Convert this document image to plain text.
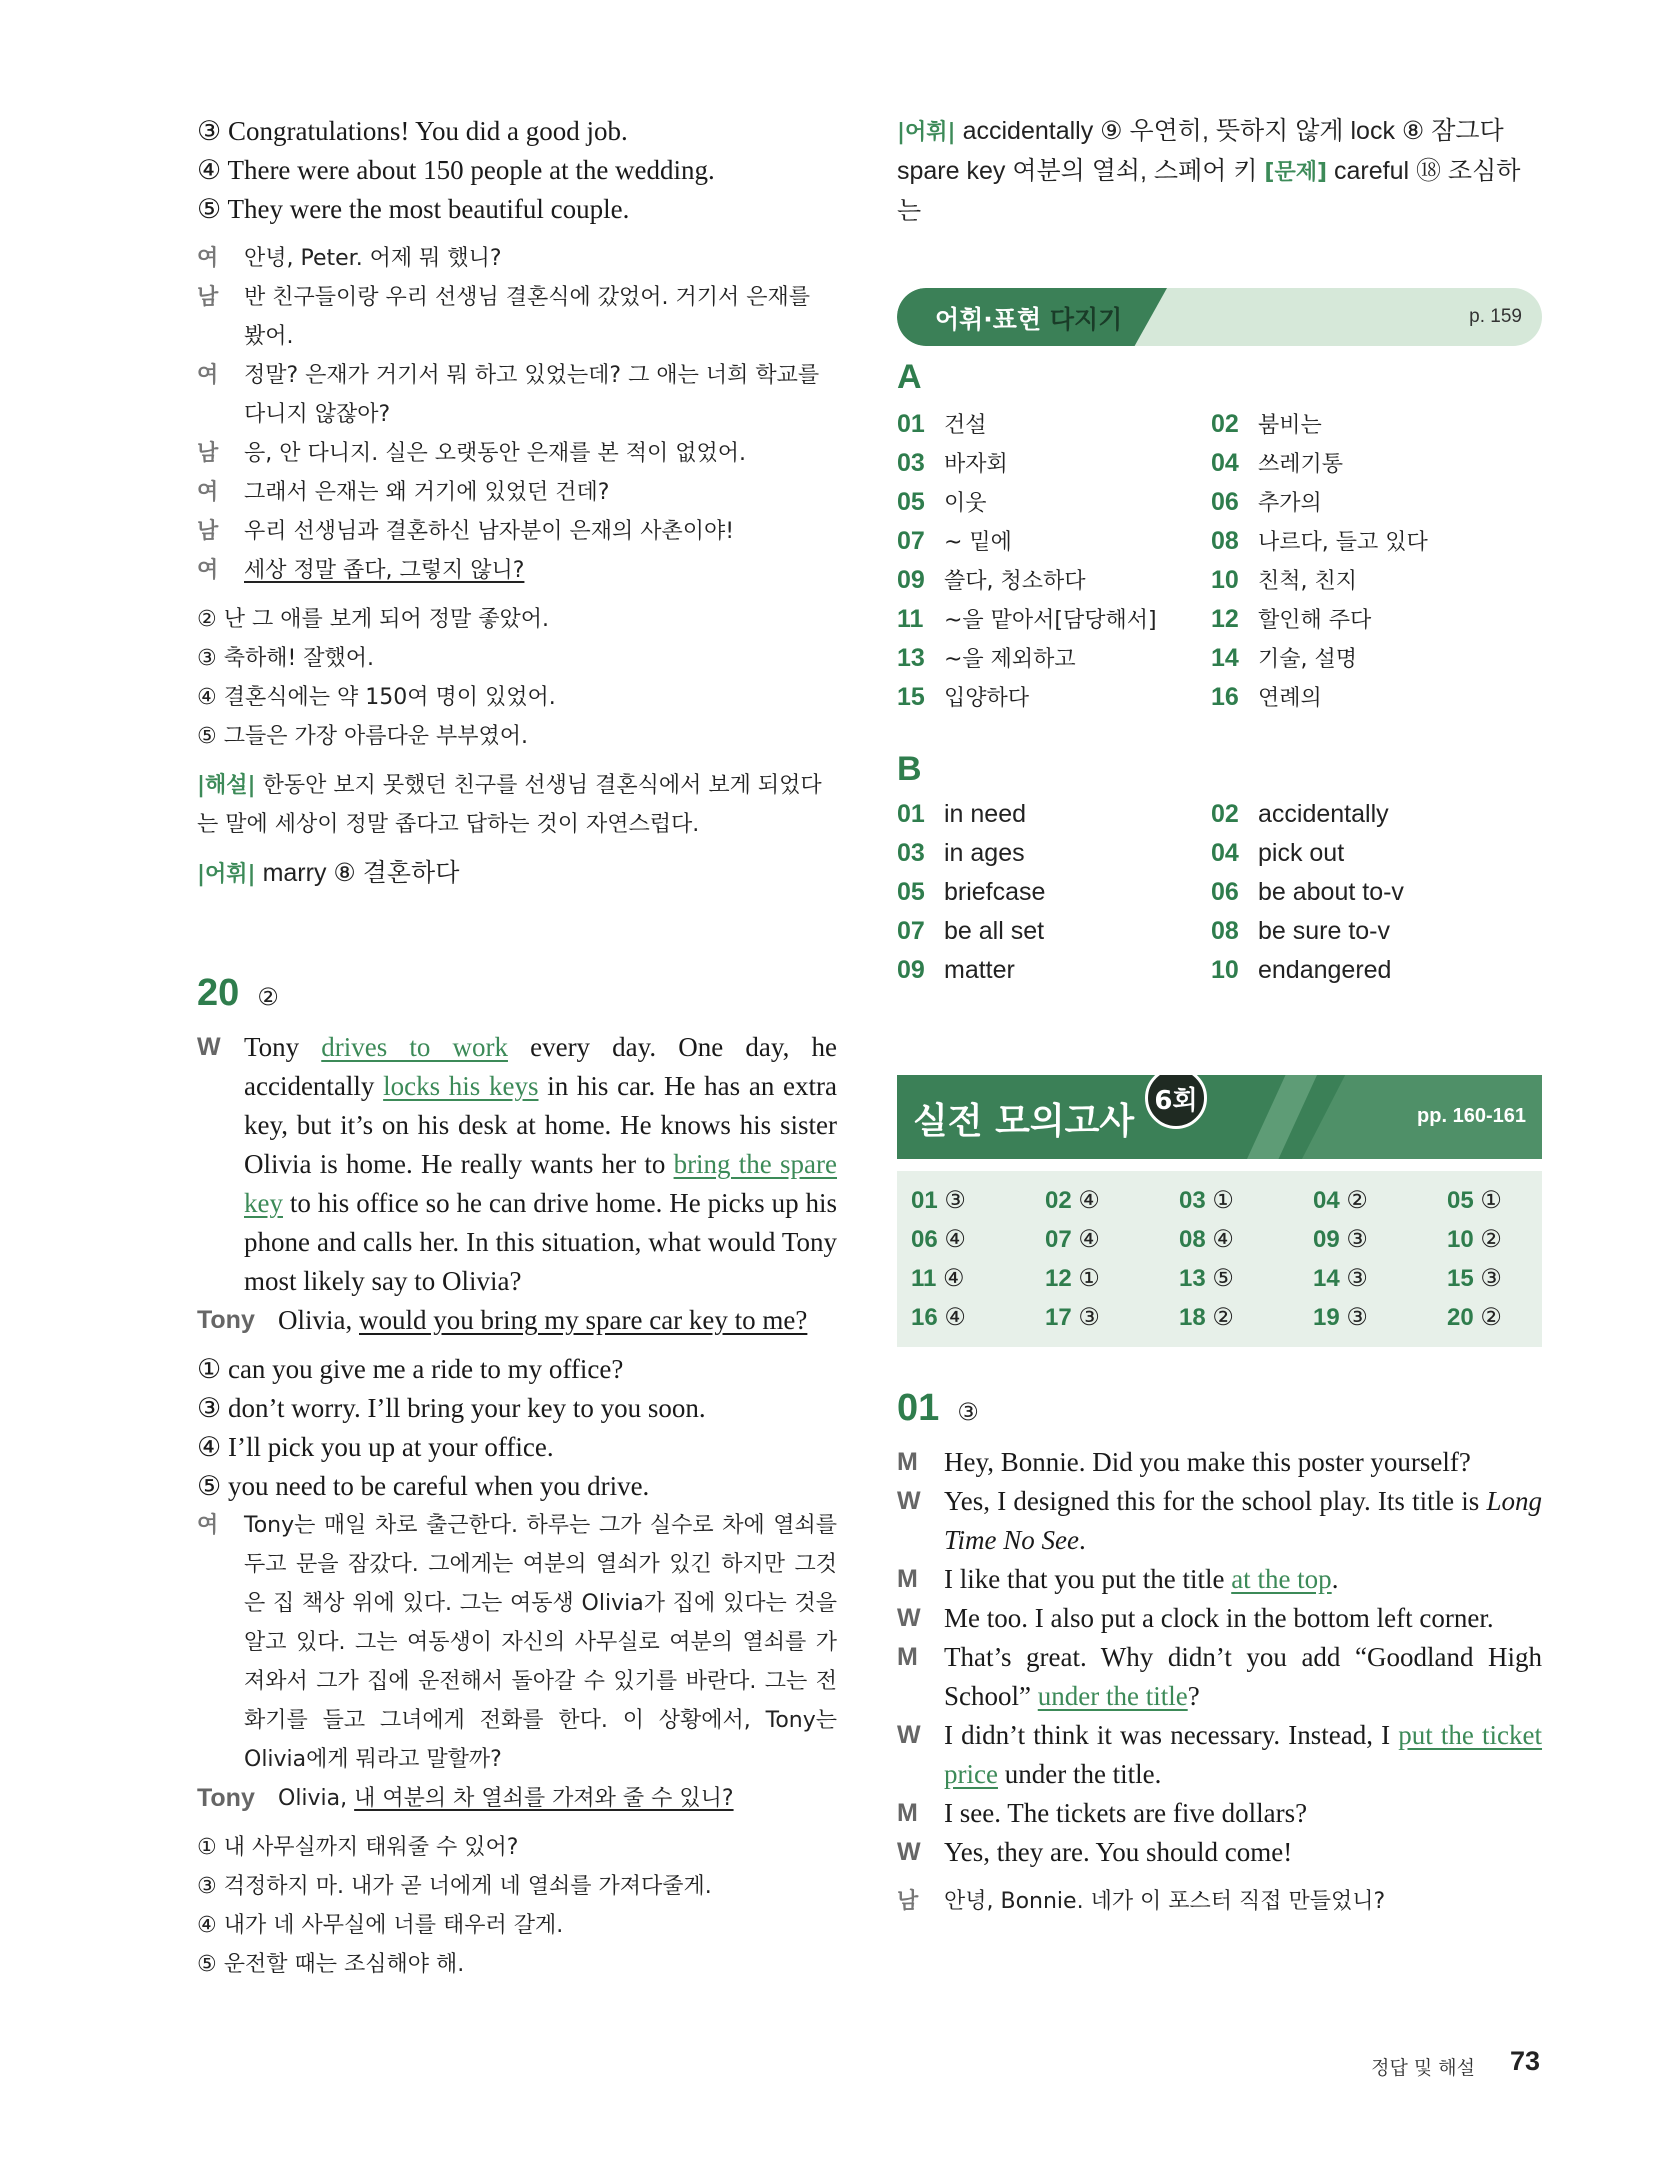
③ Congratulations! You did a good job.
④ There were about 150 people at the wedding.
⑤ They were the most beautiful couple.
여	안녕, Peter. 어제 뭐 했니?
남	반 친구들이랑 우리 선생님 결혼식에 갔었어. 거기서 은재를 봤어.
여	정말? 은재가 거기서 뭐 하고 있었는데? 그 애는 너희 학교를 다니지 않잖아?
남	응, 안 다니지. 실은 오랫동안 은재를 본 적이 없었어.
여	그래서 은재는 왜 거기에 있었던 건데?
남	우리 선생님과 결혼하신 남자분이 은재의 사촌이야!
여	세상 정말 좁다, 그렇지 않니?
② 난 그 애를 보게 되어 정말 좋았어.
③ 축하해! 잘했어.
④ 결혼식에는 약 150여 명이 있었어.
⑤ 그들은 가장 아름다운 부부였어.
|해설| 한동안 보지 못했던 친구를 선생님 결혼식에서 보게 되었다는 말에 세상이 정말 좁다고 답하는 것이 자연스럽다.
|어휘| marry ⑧ 결혼하다
20 ②
W Tony drives to work every day. One day, he accidentally locks his keys in his car. He has an extra key, but it’s on his desk at home. He knows his sister Olivia is home. He really wants her to bring the spare key to his office so he can drive home. He picks up his phone and calls her. In this situation, what would Tony most likely say to Olivia?
Tony Olivia, would you bring my spare car key to me?
① can you give me a ride to my office?
③ don’t worry. I’ll bring your key to you soon.
④ I’ll pick you up at your office.
⑤ you need to be careful when you drive.
여	Tony는 매일 차로 출근한다. 하루는 그가 실수로 차에 열쇠를 두고 문을 잠갔다. 그에게는 여분의 열쇠가 있긴 하지만 그것은 집 책상 위에 있다. 그는 여동생 Olivia가 집에 있다는 것을 알고 있다. 그는 여동생이 자신의 사무실로 여분의 열쇠를 가져와서 그가 집에 운전해서 돌아갈 수 있기를 바란다. 그는 전화기를 들고 그녀에게 전화를 한다. 이 상황에서, Tony는 Olivia에게 뭐라고 말할까?
Tony	Olivia, 내 여분의 차 열쇠를 가져와 줄 수 있니?
① 내 사무실까지 태워줄 수 있어?
③ 걱정하지 마. 내가 곧 너에게 네 열쇠를 가져다줄게.
④ 내가 네 사무실에 너를 태우러 갈게.
⑤ 운전할 때는 조심해야 해.
|어휘| accidentally ⑨ 우연히, 뜻하지 않게 lock ⑧ 잠그다
spare key 여분의 열쇠, 스페어 키 [문제] careful ⑱ 조심하는
어휘·표현 다지기	p. 159
A
01 건설	02 붐비는
03 바자회	04 쓰레기통
05 이웃	06 추가의
07 ~ 밑에	08 나르다, 들고 있다
09 쓸다, 청소하다	10 친척, 친지
11 ~을 맡아서[담당해서] 12 할인해 주다
13 ~을 제외하고	14 기술, 설명
15 입양하다	16 연례의
B
01 in need	02 accidentally
03 in ages	04 pick out
05 briefcase	06 be about to-v
07 be all set	08 be sure to-v
09 matter	10 endangered
실전 모의고사
6회
pp. 160-161
01 ③	02 ④	03 ①	04 ②	05 ①
06 ④	07 ④	08 ④	09 ③	10 ②
11 ④	12 ①	13 ⑤	14 ③	15 ③
16 ④	17 ③	18 ②	19 ③	20 ②
01 ③
M Hey, Bonnie. Did you make this poster yourself?
W Yes, I designed this for the school play. Its title is Long Time No See.
M I like that you put the title at the top.
W Me too. I also put a clock in the bottom left corner.
M That’s great. Why didn’t you add “Goodland High School” under the title?
W I didn’t think it was necessary. Instead, I put the ticket price under the title.
M I see. The tickets are five dollars?
W Yes, they are. You should come!
남	안녕, Bonnie. 네가 이 포스터 직접 만들었니?
정답 및 해설 73
